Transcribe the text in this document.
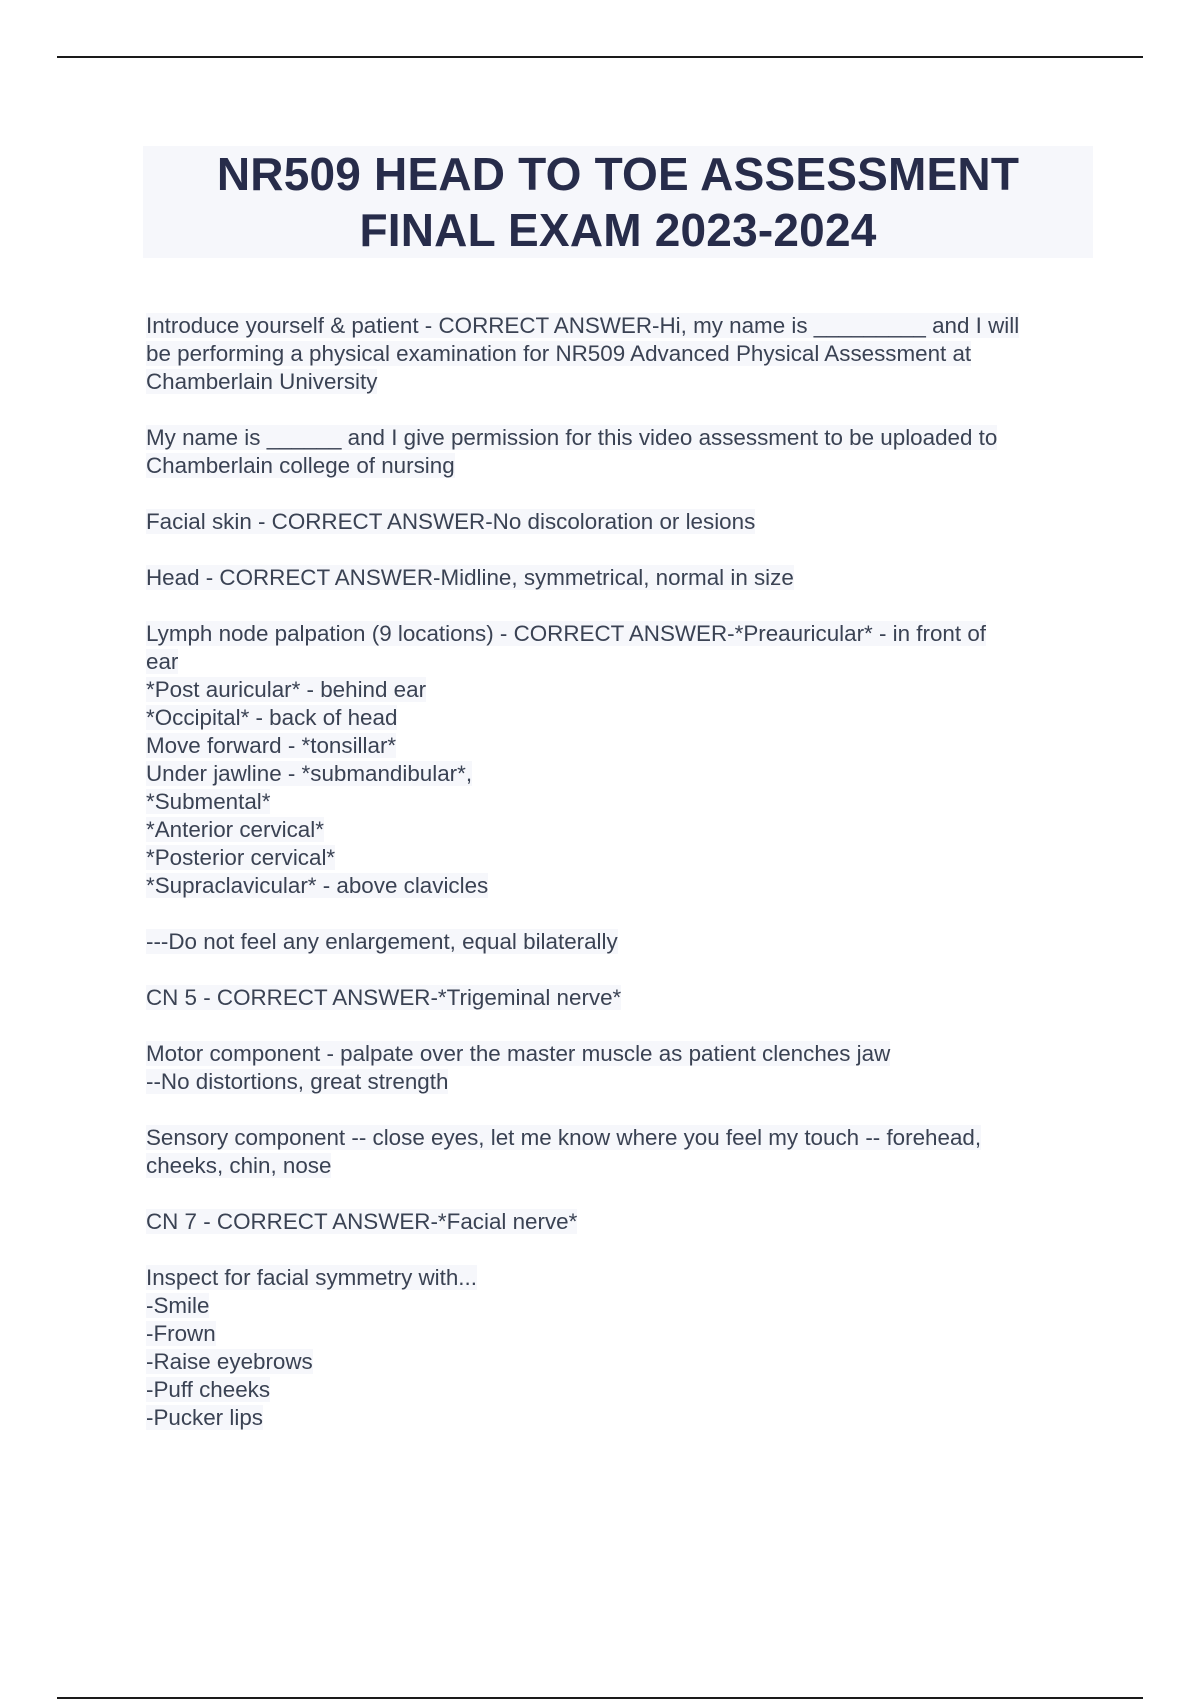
NR509 HEAD TO TOE ASSESSMENT
FINAL EXAM 2023-2024
Introduce yourself & patient - CORRECT ANSWER-Hi, my name is _________ and I will
be performing a physical examination for NR509 Advanced Physical Assessment at
Chamberlain University
My name is ______ and I give permission for this video assessment to be uploaded to
Chamberlain college of nursing
Facial skin - CORRECT ANSWER-No discoloration or lesions
Head - CORRECT ANSWER-Midline, symmetrical, normal in size
Lymph node palpation (9 locations) - CORRECT ANSWER-*Preauricular* - in front of
ear
*Post auricular* - behind ear
*Occipital* - back of head
Move forward - *tonsillar*
Under jawline - *submandibular*,
*Submental*
*Anterior cervical*
*Posterior cervical*
*Supraclavicular* - above clavicles
---Do not feel any enlargement, equal bilaterally
CN 5 - CORRECT ANSWER-*Trigeminal nerve*
Motor component - palpate over the master muscle as patient clenches jaw
--No distortions, great strength
Sensory component -- close eyes, let me know where you feel my touch -- forehead,
cheeks, chin, nose
CN 7 - CORRECT ANSWER-*Facial nerve*
Inspect for facial symmetry with...
-Smile
-Frown
-Raise eyebrows
-Puff cheeks
-Pucker lips
